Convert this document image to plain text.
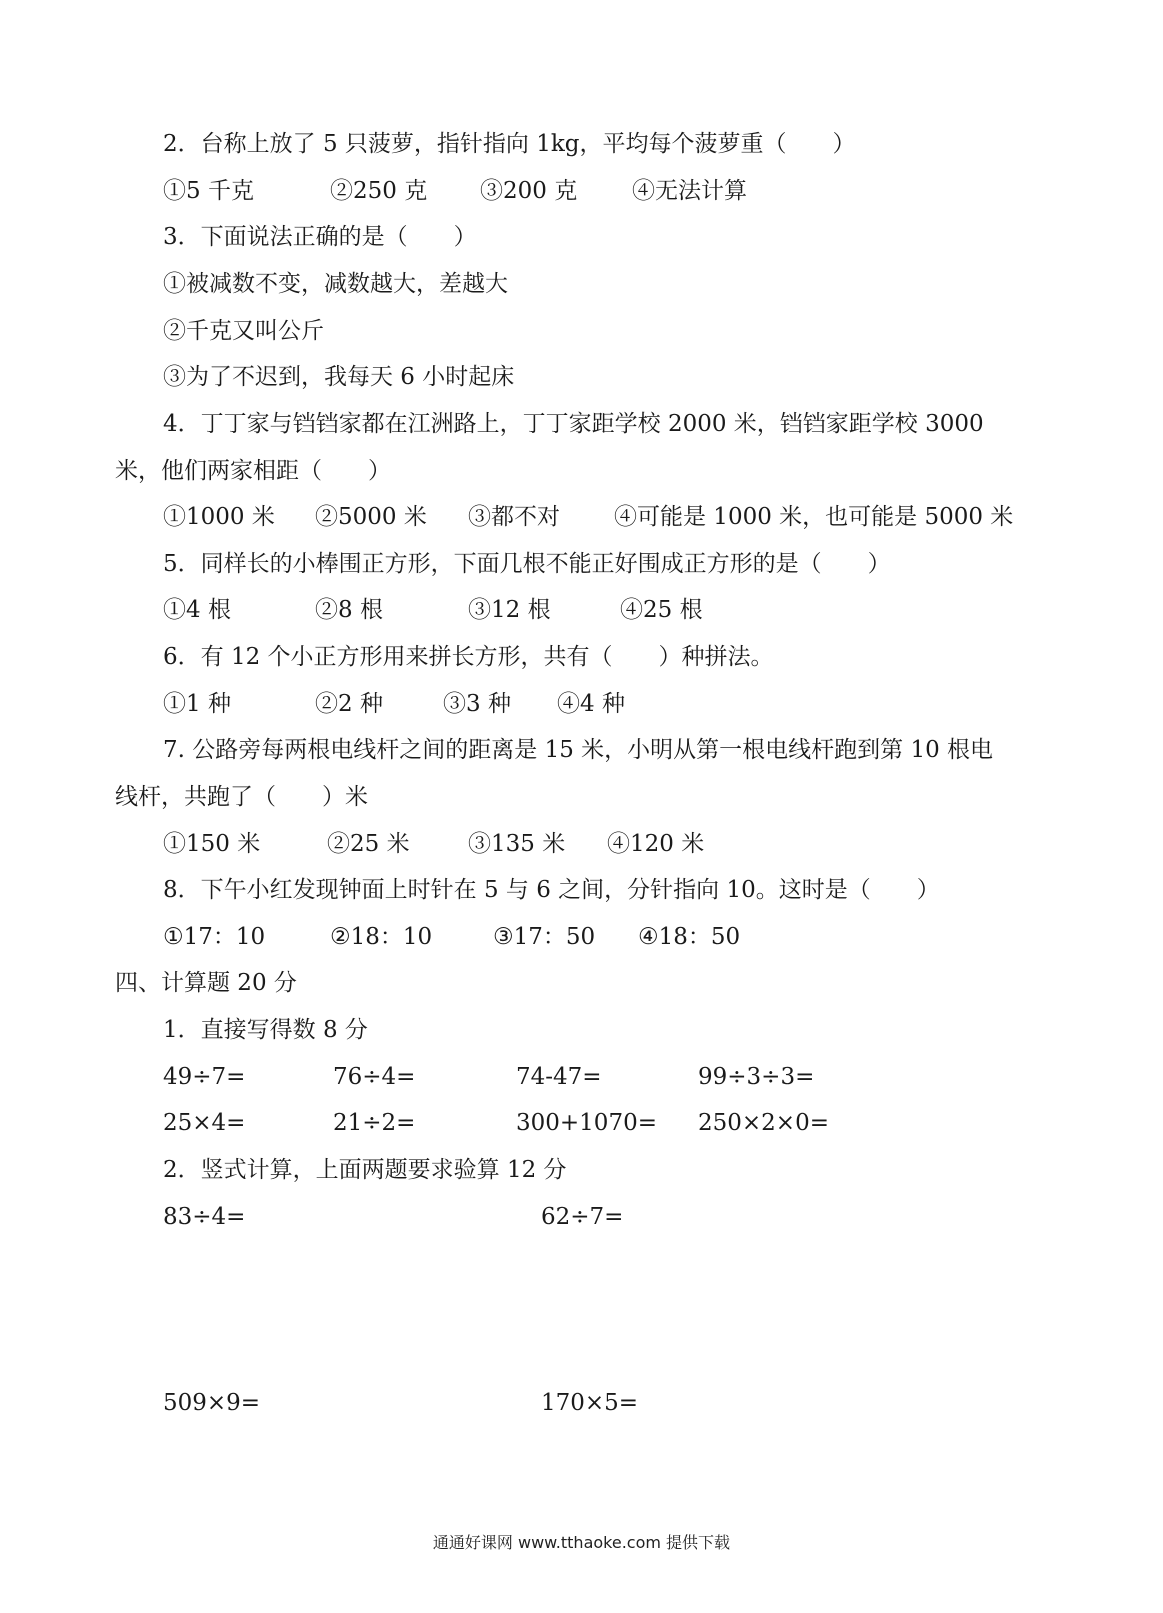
2．台称上放了 5 只菠萝，指针指向 1kg，平均每个菠萝重（　　）
①5 千克	②250 克 ③200 克 ④无法计算
3．下面说法正确的是（　　）
①被减数不变，减数越大，差越大
②千克又叫公斤
③为了不迟到，我每天 6 小时起床
4．丁丁家与铛铛家都在江洲路上，丁丁家距学校 2000 米，铛铛家距学校 3000
米，他们两家相距（　　）
①1000 米 ②5000 米 ③都不对 ④可能是 1000 米，也可能是 5000 米
5．同样长的小棒围正方形，下面几根不能正好围成正方形的是（　　）
①4 根	②8 根	③12 根	④25 根
6．有 12 个小正方形用来拼长方形，共有（　　）种拼法。
①1 种	②2 种	③3 种 ④4 种
7. 公路旁每两根电线杆之间的距离是 15 米，小明从第一根电线杆跑到第 10 根电
线杆，共跑了（　　）米
①150 米	②25 米	③135 米 ④120 米
8．下午小红发现钟面上时针在 5 与 6 之间，分针指向 10。这时是（　　）
①17：10	②18：10	③17：50 ④18：50
四、计算题 20 分
1．直接写得数 8 分
49÷7=	76÷4=	74-47=	99÷3÷3=
25×4=	21÷2=	300+1070= 250×2×0=
2．竖式计算，上面两题要求验算 12 分
83÷4=	62÷7=
509×9=	170×5=
通通好课网 www.tthaoke.com 提供下载
